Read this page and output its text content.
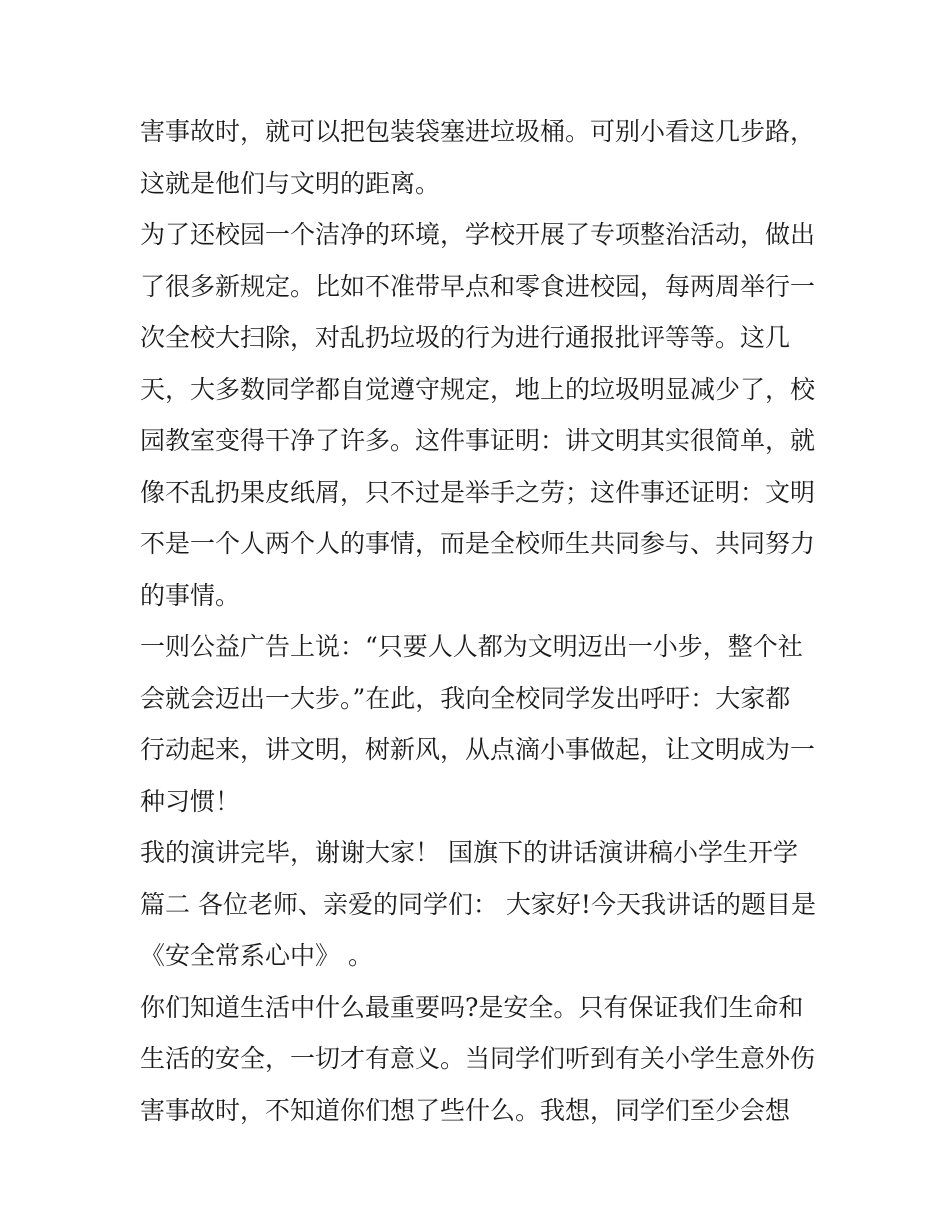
害事故时，就可以把包装袋塞进垃圾桶。可别小看这几步路，
这就是他们与文明的距离。
为了还校园一个洁净的环境，学校开展了专项整治活动，做出
了很多新规定。比如不准带早点和零食进校园，每两周举行一
次全校大扫除，对乱扔垃圾的行为进行通报批评等等。这几
天，大多数同学都自觉遵守规定，地上的垃圾明显减少了，校
园教室变得干净了许多。这件事证明：讲文明其实很简单，就
像不乱扔果皮纸屑，只不过是举手之劳；这件事还证明：文明
不是一个人两个人的事情，而是全校师生共同参与、共同努力
的事情。
一则公益广告上说：“只要人人都为文明迈出一小步，整个社
会就会迈出一大步。”在此，我向全校同学发出呼吁：大家都
行动起来，讲文明，树新风，从点滴小事做起，让文明成为一
种习惯！
我的演讲完毕，谢谢大家！ 国旗下的讲话演讲稿小学生开学
篇二 各位老师、亲爱的同学们： 大家好!今天我讲话的题目是
《安全常系心中》 。
你们知道生活中什么最重要吗?是安全。只有保证我们生命和
生活的安全，一切才有意义。当同学们听到有关小学生意外伤
害事故时，不知道你们想了些什么。我想，同学们至少会想
